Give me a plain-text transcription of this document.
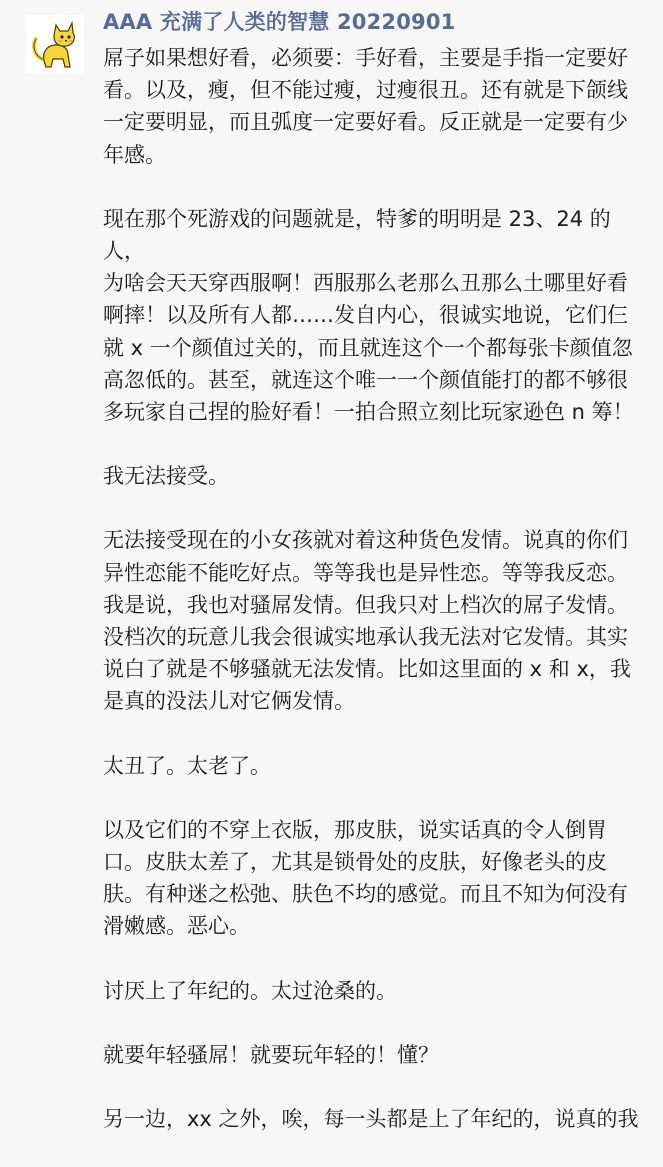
AAA 充满了人类的智慧 20220901

屌子如果想好看，必须要：手好看，主要是手指一定要好
看。以及，瘦，但不能过瘦，过瘦很丑。还有就是下颌线
一定要明显，而且弧度一定要好看。反正就是一定要有少
年感。

现在那个死游戏的问题就是，特爹的明明是 23、24 的人，
为啥会天天穿西服啊！西服那么老那么丑那么土哪里好看
啊摔！以及所有人都……发自内心，很诚实地说，它们仨
就 x 一个颜值过关的，而且就连这个一个都每张卡颜值忽
高忽低的。甚至，就连这个唯一一个颜值能打的都不够很
多玩家自己捏的脸好看！一拍合照立刻比玩家逊色 n 筹！

我无法接受。

无法接受现在的小女孩就对着这种货色发情。说真的你们
异性恋能不能吃好点。等等我也是异性恋。等等我反恋。
我是说，我也对骚屌发情。但我只对上档次的屌子发情。
没档次的玩意儿我会很诚实地承认我无法对它发情。其实
说白了就是不够骚就无法发情。比如这里面的 x 和 x，我
是真的没法儿对它俩发情。

太丑了。太老了。

以及它们的不穿上衣版，那皮肤，说实话真的令人倒胃
口。皮肤太差了，尤其是锁骨处的皮肤，好像老头的皮
肤。有种迷之松弛、肤色不均的感觉。而且不知为何没有
滑嫩感。恶心。

讨厌上了年纪的。太过沧桑的。

就要年轻骚屌！就要玩年轻的！懂？

另一边，xx 之外，唉，每一头都是上了年纪的，说真的我
